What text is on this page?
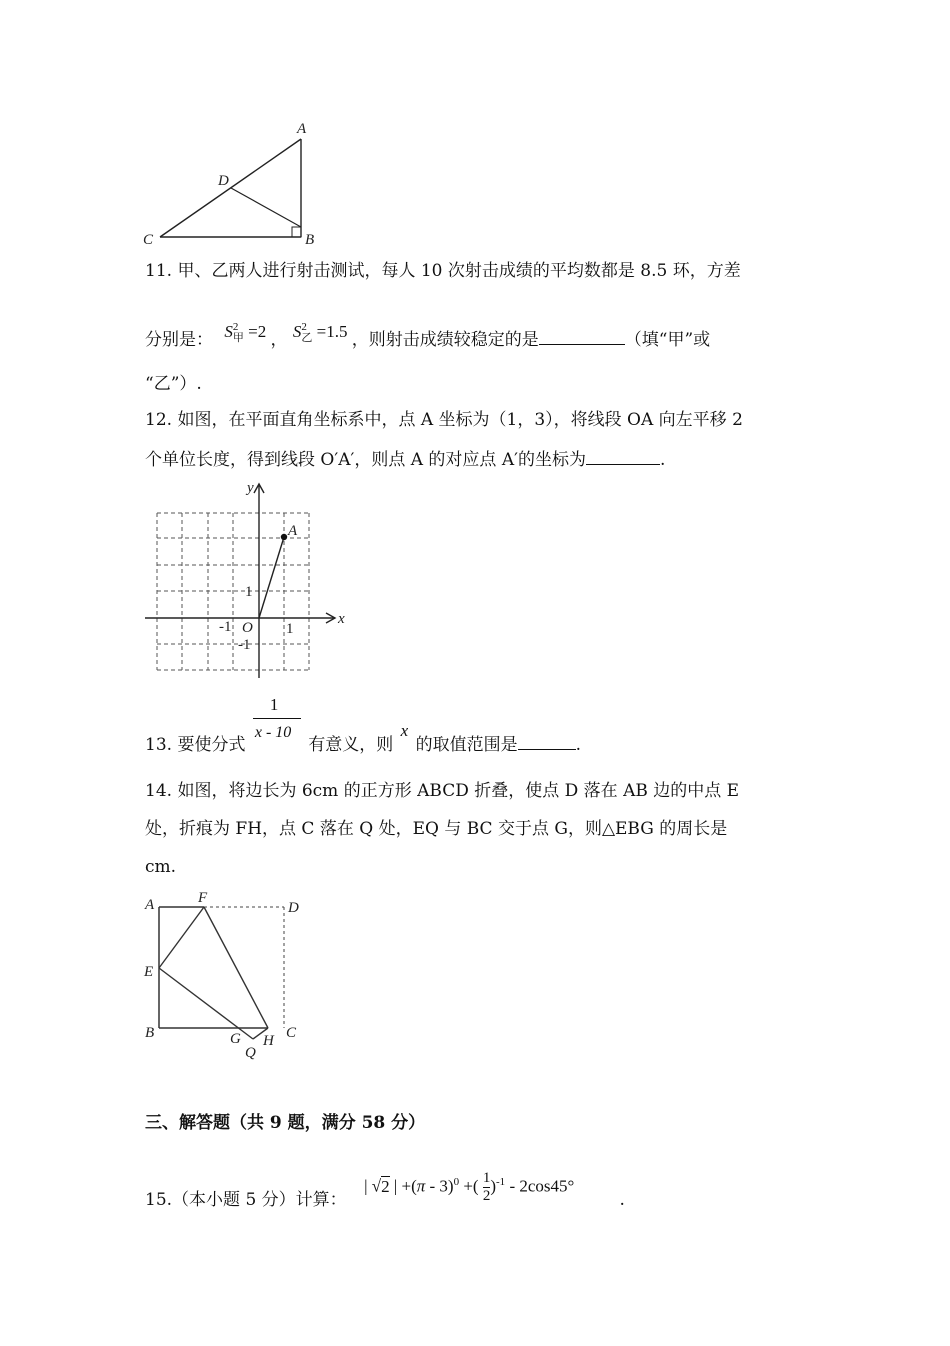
A
B
C
D
11. 甲、乙两人进行射击测试，每人 10 次射击成绩的平均数都是 8.5 环，方差
分别是： S 2
甲 =2 ， S 2
乙 =1.5 ，则射击成绩较稳定的是	（填“甲”或
“乙”）.
12. 如图，在平面直角坐标系中，点 A 坐标为（1，3），将线段 OA 向左平移 2
个单位长度，得到线段 O′A′，则点 A 的对应点 A′的坐标为	.
x
y
O
A
1
-1
1
-1
13. 要使分式 $\frac{1}{x - 10}$ 有意义，则 x 的取值范围是	.
14. 如图，将边长为 6cm 的正方形 ABCD 折叠，使点 D 落在 AB 边的中点 E
处，折痕为 FH，点 C 落在 Q 处，EQ 与 BC 交于点 G，则△EBG 的周长是
cm.
A	F
D
E
B	G
Q
H C
三、解答题（共 9 题，满分 58 分）
15.（本小题 5 分）计算：
| √2 | +(π - 3)$^0$ +( $\frac{1}{2} )^{-1} - 2\cos 45^\circ$
.
